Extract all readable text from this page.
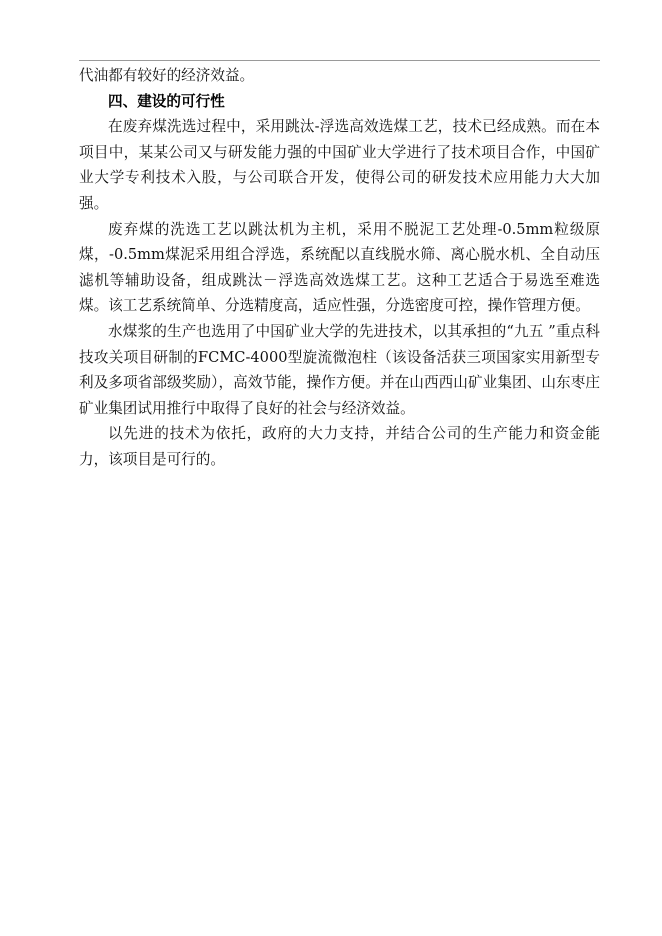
代油都有较好的经济效益。

四、建设的可行性

在废弃煤洗选过程中，采用跳汰-浮选高效选煤工艺，技术已经成熟。而在本项目中，某某公司又与研发能力强的中国矿业大学进行了技术项目合作，中国矿业大学专利技术入股，与公司联合开发，使得公司的研发技术应用能力大大加强。

废弃煤的洗选工艺以跳汰机为主机，采用不脱泥工艺处理-0.5mm粒级原煤，-0.5mm煤泥采用组合浮选，系统配以直线脱水筛、离心脱水机、全自动压滤机等辅助设备，组成跳汰－浮选高效选煤工艺。这种工艺适合于易选至难选煤。该工艺系统简单、分选精度高，适应性强，分选密度可控，操作管理方便。

水煤浆的生产也选用了中国矿业大学的先进技术，以其承担的“九五 ”重点科技攻关项目研制的FCMC-4000型旋流微泡柱（该设备活获三项国家实用新型专利及多项省部级奖励），高效节能，操作方便。并在山西西山矿业集团、山东枣庄矿业集团试用推行中取得了良好的社会与经济效益。

以先进的技术为依托，政府的大力支持，并结合公司的生产能力和资金能力，该项目是可行的。
